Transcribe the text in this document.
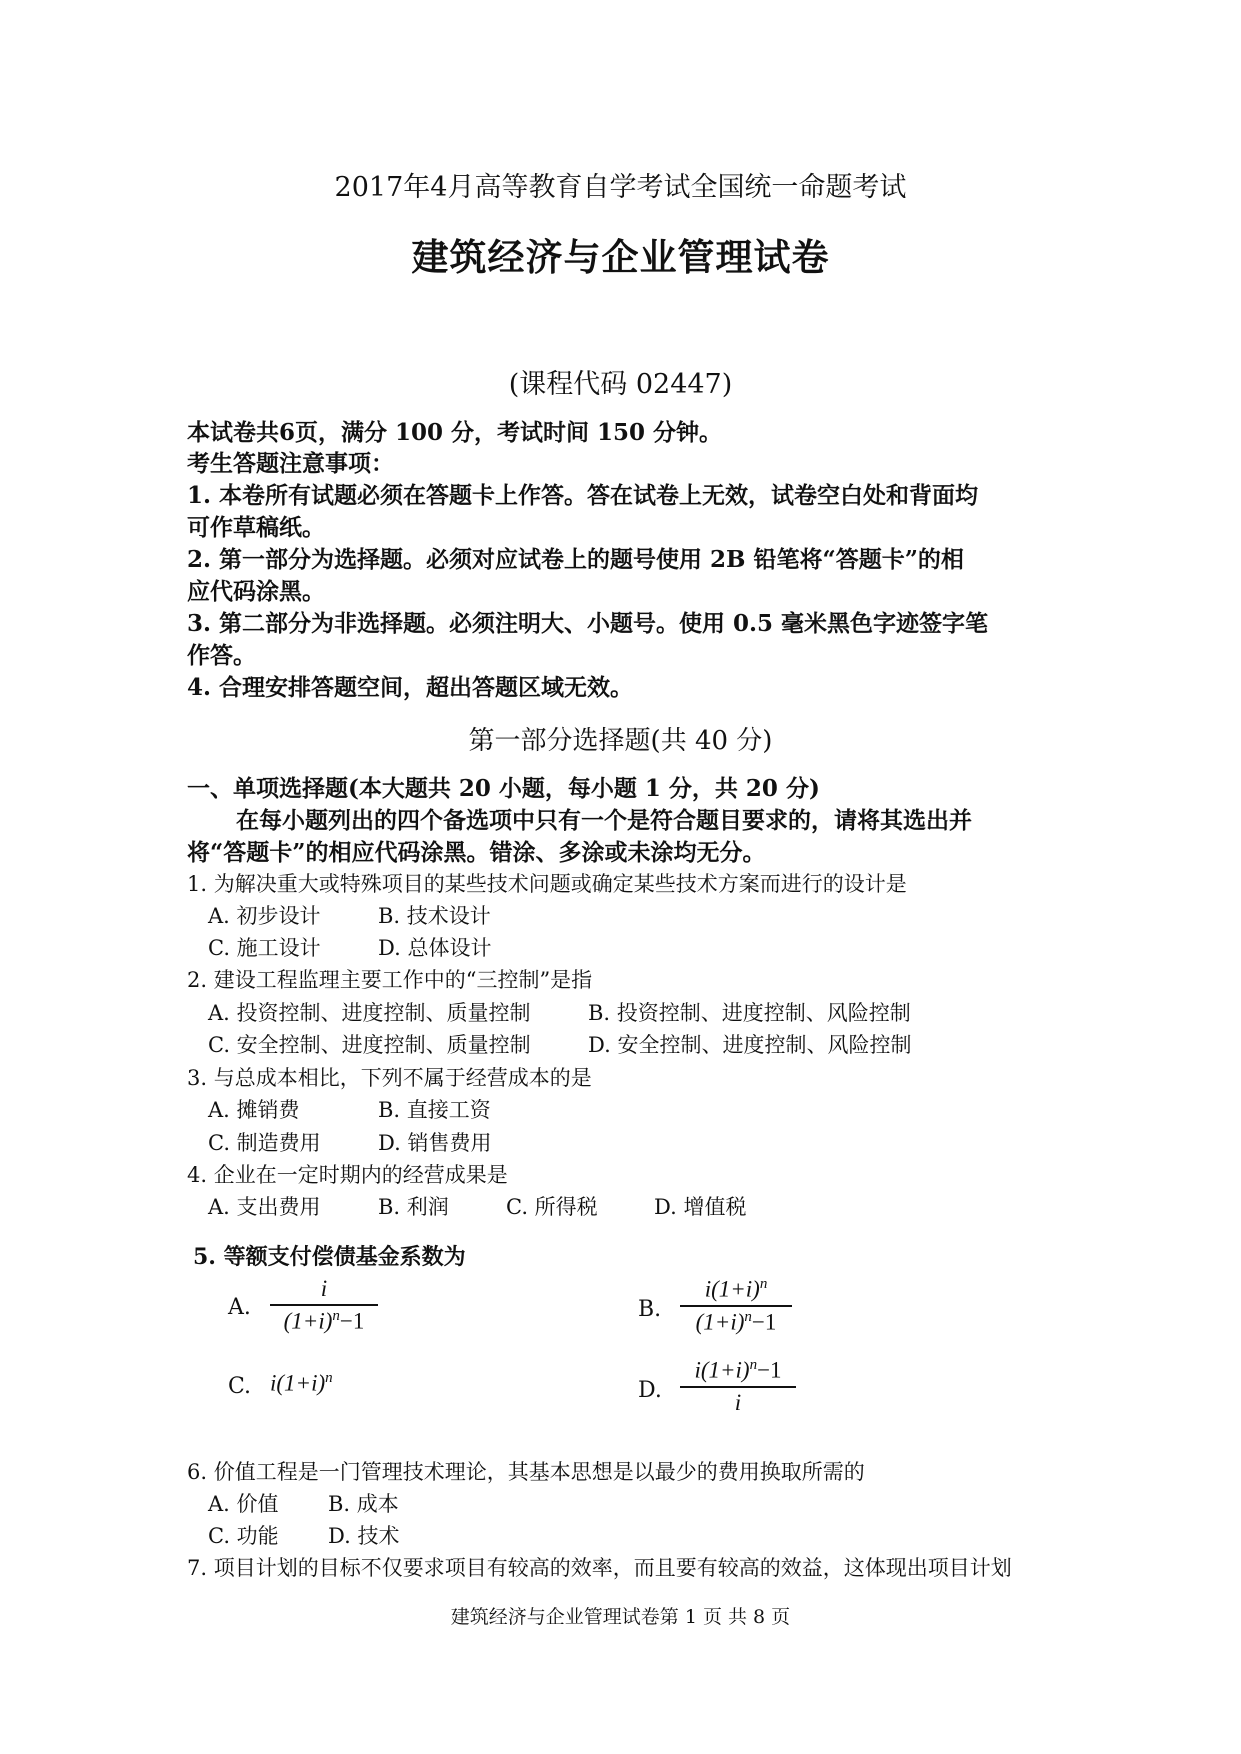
2017年4月高等教育自学考试全国统一命题考试
建筑经济与企业管理试卷
(课程代码 02447)
本试卷共6页，满分 100 分，考试时间 150 分钟。
考生答题注意事项：
1. 本卷所有试题必须在答题卡上作答。答在试卷上无效，试卷空白处和背面均
可作草稿纸。
2. 第一部分为选择题。必须对应试卷上的题号使用 2B 铅笔将“答题卡”的相
应代码涂黑。
3. 第二部分为非选择题。必须注明大、小题号。使用 0.5 毫米黑色字迹签字笔
作答。
4. 合理安排答题空间，超出答题区域无效。
第一部分选择题(共 40 分)
一、单项选择题(本大题共 20 小题，每小题 1 分，共 20 分)
在每小题列出的四个备选项中只有一个是符合题目要求的，请将其选出并
将“答题卡”的相应代码涂黑。错涂、多涂或未涂均无分。
1. 为解决重大或特殊项目的某些技术问题或确定某些技术方案而进行的设计是
A. 初步设计	B. 技术设计
C. 施工设计	D. 总体设计
2. 建设工程监理主要工作中的“三控制”是指
A. 投资控制、进度控制、质量控制	B. 投资控制、进度控制、风险控制
C. 安全控制、进度控制、质量控制	D. 安全控制、进度控制、风险控制
3. 与总成本相比，下列不属于经营成本的是
A. 摊销费	B. 直接工资
C. 制造费用	D. 销售费用
4. 企业在一定时期内的经营成果是
A. 支出费用	B. 利润	C. 所得税	D. 增值税
5. 等额支付偿债基金系数为
A. $\frac{i}{(1+i)^n-1}$	B. $\frac{i(1+i)^n}{(1+i)^n-1}$
C. $i(1+i)^n$	D. $\frac{i(1+i)^n-1}{i}$
6. 价值工程是一门管理技术理论，其基本思想是以最少的费用换取所需的
A. 价值 B. 成本
C. 功能 D. 技术
7. 项目计划的目标不仅要求项目有较高的效率，而且要有较高的效益，这体现出项目计划
建筑经济与企业管理试卷第 1 页 共 8 页
